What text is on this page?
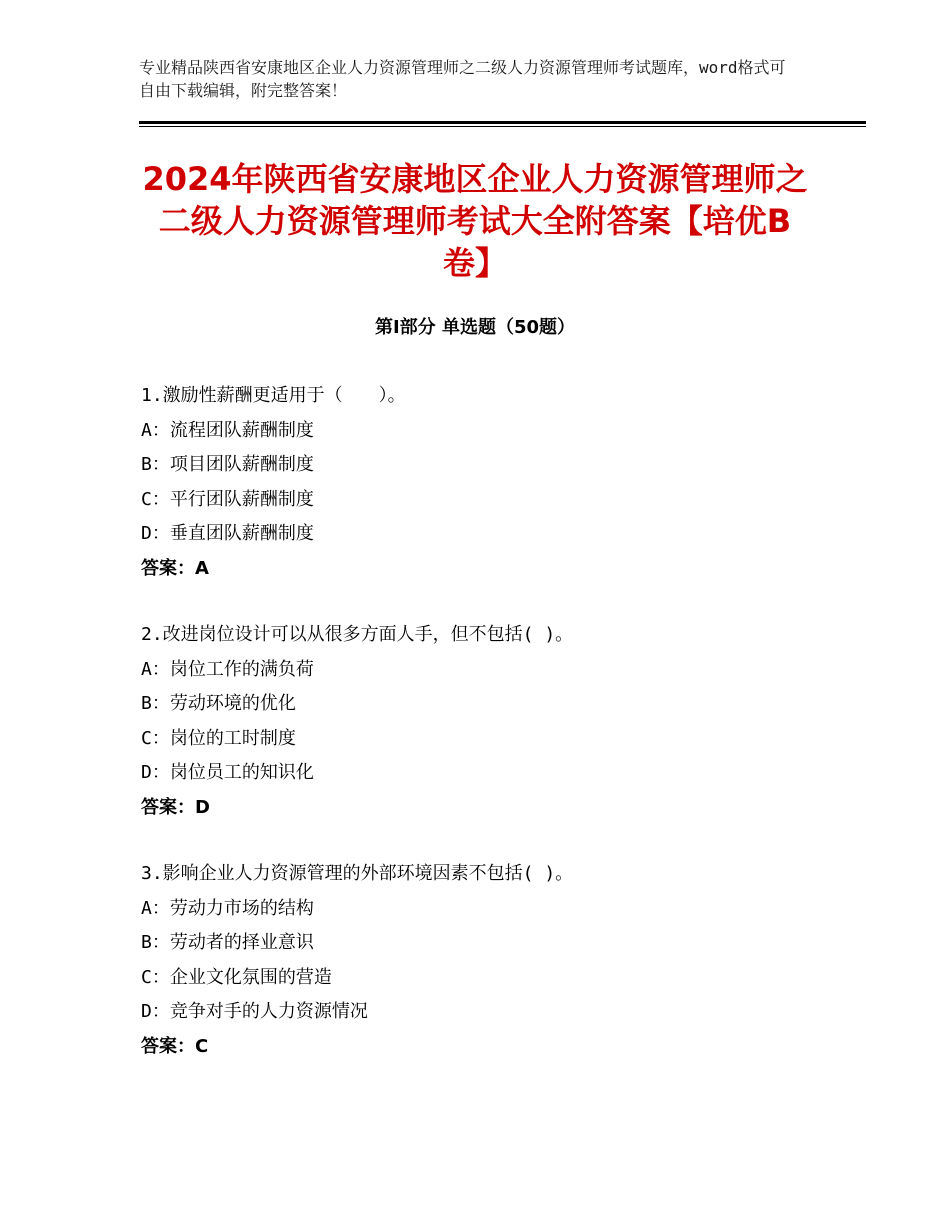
专业精品陕西省安康地区企业人力资源管理师之二级人力资源管理师考试题库，word格式可自由下载编辑，附完整答案！
2024年陕西省安康地区企业人力资源管理师之二级人力资源管理师考试大全附答案【培优B卷】
第Ⅰ部分 单选题（50题）
1.激励性薪酬更适用于（　　）。
A：流程团队薪酬制度
B：项目团队薪酬制度
C：平行团队薪酬制度
D：垂直团队薪酬制度
答案：A
2.改进岗位设计可以从很多方面人手，但不包括( )。
A：岗位工作的满负荷
B：劳动环境的优化
C：岗位的工时制度
D：岗位员工的知识化
答案：D
3.影响企业人力资源管理的外部环境因素不包括( )。
A：劳动力市场的结构
B：劳动者的择业意识
C：企业文化氛围的营造
D：竞争对手的人力资源情况
答案：C
